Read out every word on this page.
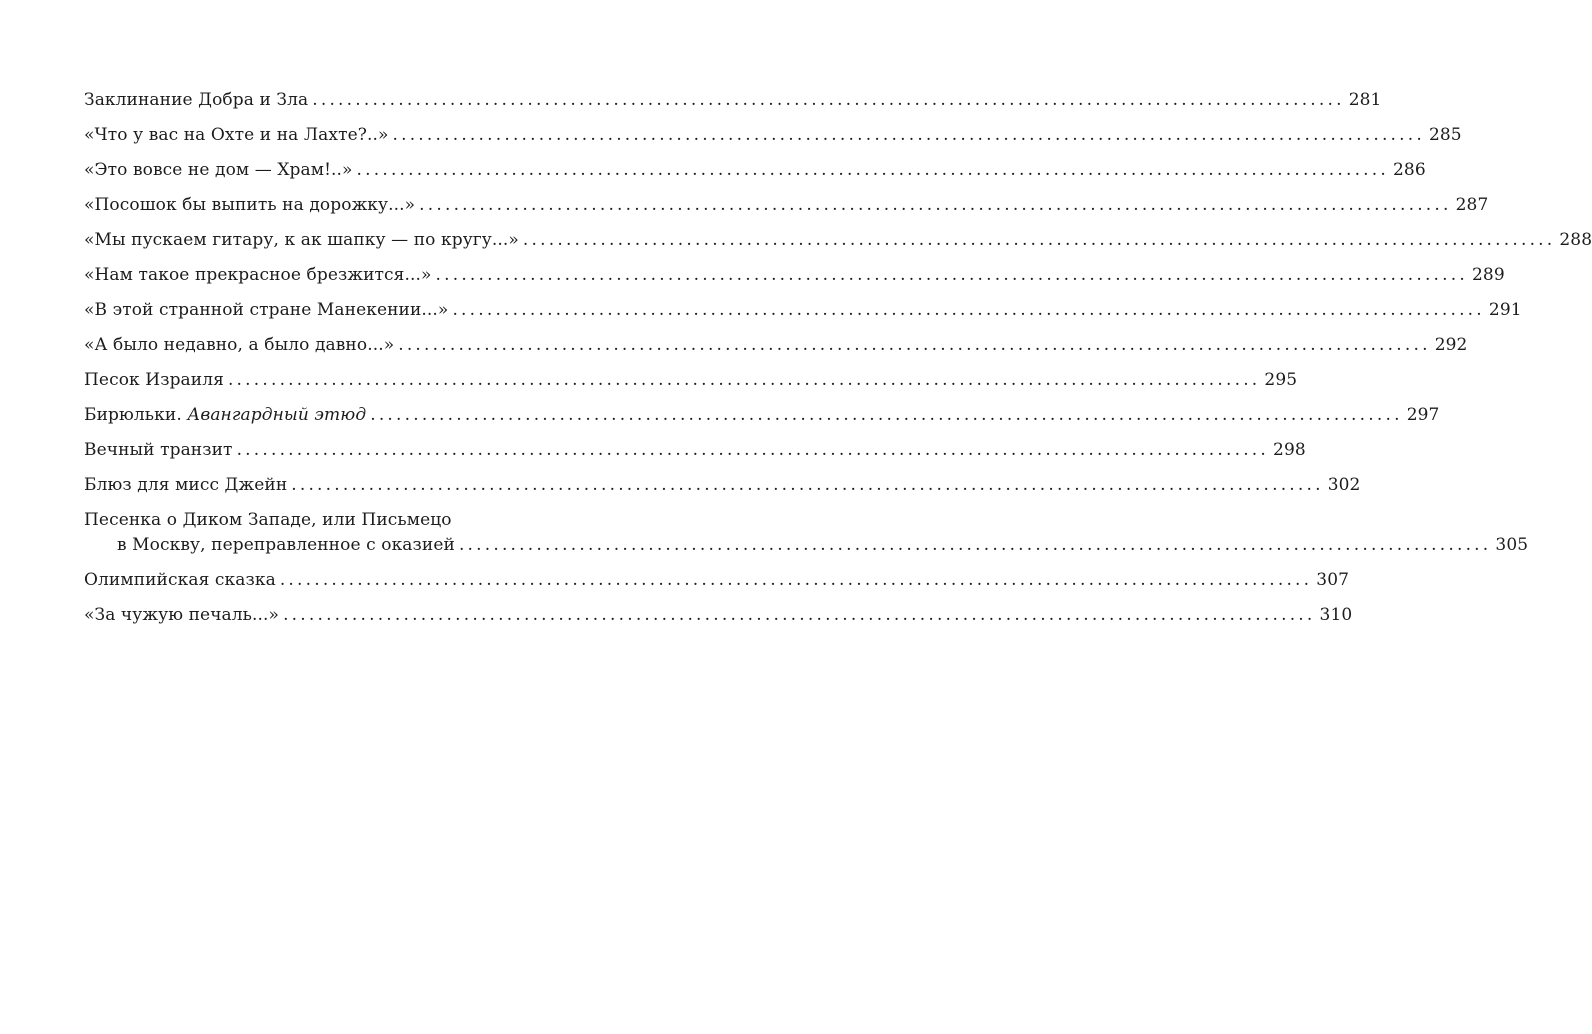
Заклинание Добра и Зла ........................................................................................................................ 281
«Что у вас на Охте и на Лахте?..» ........................................................................................................................ 285
«Это вовсе не дом — Храм!..» ........................................................................................................................ 286
«Посошок бы выпить на дорожку...» ........................................................................................................................ 287
«Мы пускаем гитару, к ак шапку — по кругу...» ........................................................................................................................ 288
«Нам такое прекрасное брезжится...» ........................................................................................................................ 289
«В этой странной стране Манекении...» ........................................................................................................................ 291
«А было недавно, а было давно...» ........................................................................................................................ 292
Песок Израиля ........................................................................................................................ 295
Бирюльки. Авангардный этюд ........................................................................................................................ 297
Вечный транзит ........................................................................................................................ 298
Блюз для мисс Джейн ........................................................................................................................ 302
Песенка о Диком Западе, или Письмецо
в Москву, переправленное с оказией ........................................................................................................................ 305
Олимпийская сказка ........................................................................................................................ 307
«За чужую печаль...» ........................................................................................................................ 310
